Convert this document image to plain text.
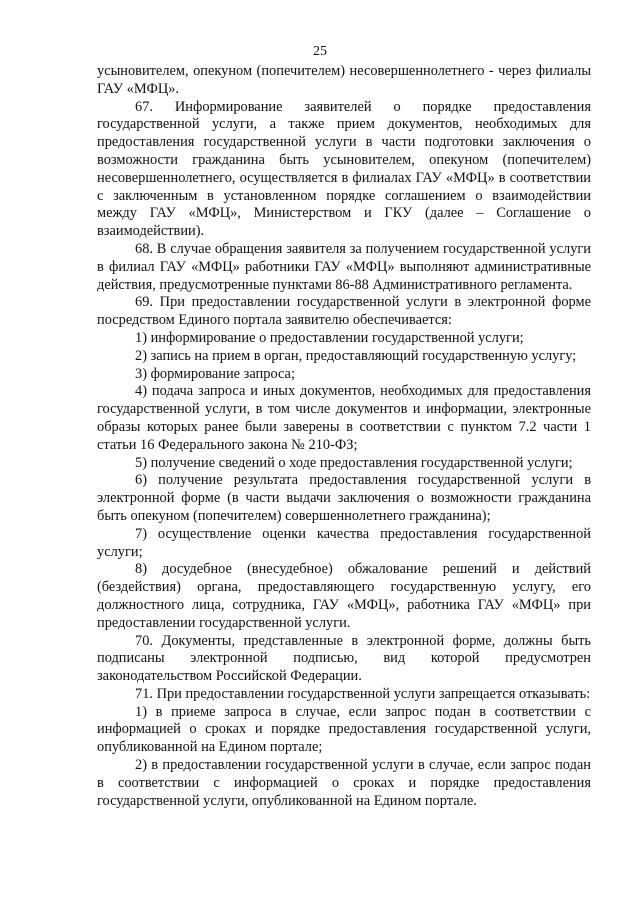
25

усыновителем, опекуном (попечителем) несовершеннолетнего - через филиалы ГАУ «МФЦ».

67. Информирование заявителей о порядке предоставления государственной услуги, а также прием документов, необходимых для предоставления государственной услуги в части подготовки заключения о возможности гражданина быть усыновителем, опекуном (попечителем) несовершеннолетнего, осуществляется в филиалах ГАУ «МФЦ» в соответствии с заключенным в установленном порядке соглашением о взаимодействии между ГАУ «МФЦ», Министерством и ГКУ (далее – Соглашение о взаимодействии).

68. В случае обращения заявителя за получением государственной услуги в филиал ГАУ «МФЦ» работники ГАУ «МФЦ» выполняют административные действия, предусмотренные пунктами 86-88 Административного регламента.

69. При предоставлении государственной услуги в электронной форме посредством Единого портала заявителю обеспечивается:

1) информирование о предоставлении государственной услуги;

2) запись на прием в орган, предоставляющий государственную услугу;

3) формирование запроса;

4) подача запроса и иных документов, необходимых для предоставления государственной услуги, в том числе документов и информации, электронные образы которых ранее были заверены в соответствии с пунктом 7.2 части 1 статьи 16 Федерального закона № 210-ФЗ;

5) получение сведений о ходе предоставления государственной услуги;

6) получение результата предоставления государственной услуги в электронной форме (в части выдачи заключения о возможности гражданина быть опекуном (попечителем) совершеннолетнего гражданина);

7) осуществление оценки качества предоставления государственной услуги;

8) досудебное (внесудебное) обжалование решений и действий (бездействия) органа, предоставляющего государственную услугу, его должностного лица, сотрудника, ГАУ «МФЦ», работника ГАУ «МФЦ» при предоставлении государственной услуги.

70. Документы, представленные в электронной форме, должны быть подписаны электронной подписью, вид которой предусмотрен законодательством Российской Федерации.

71. При предоставлении государственной услуги запрещается отказывать:

1) в приеме запроса в случае, если запрос подан в соответствии с информацией о сроках и порядке предоставления государственной услуги, опубликованной на Едином портале;

2) в предоставлении государственной услуги в случае, если запрос подан в соответствии с информацией о сроках и порядке предоставления государственной услуги, опубликованной на Едином портале.
